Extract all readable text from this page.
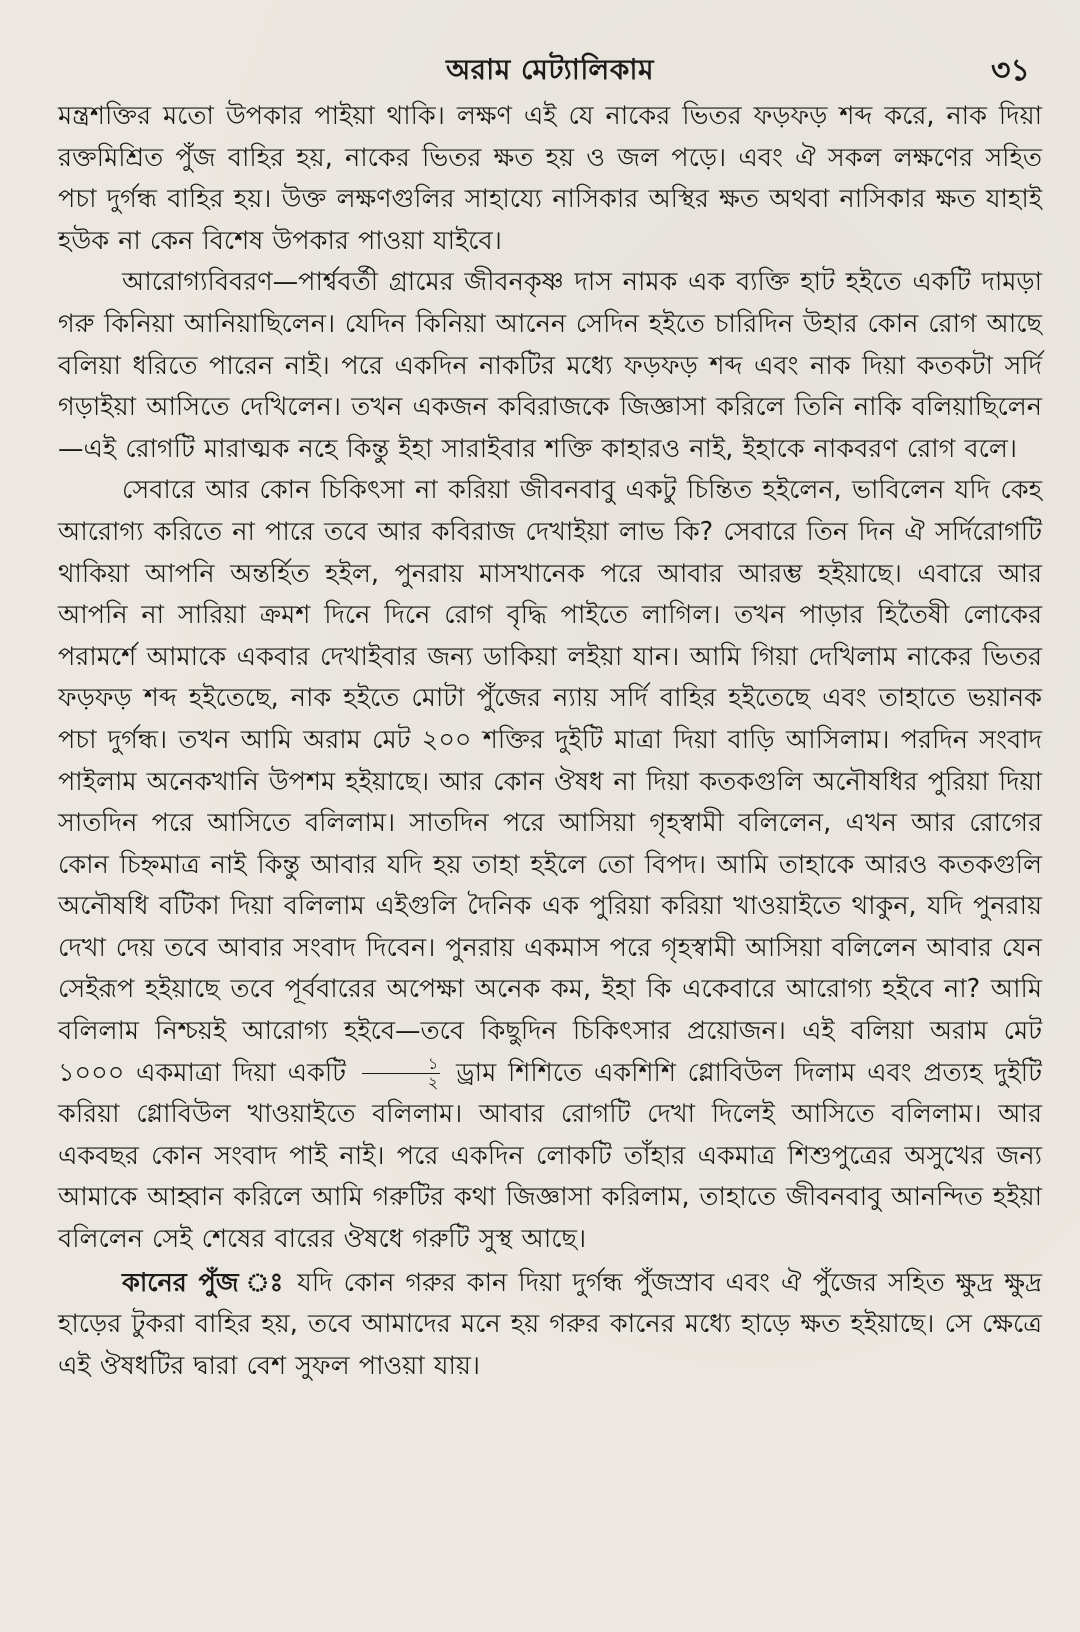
অরাম মেট্যালিকাম	৩১

মন্ত্রশক্তির মতো উপকার পাইয়া থাকি। লক্ষণ এই যে নাকের ভিতর ফড়ফড় শব্দ করে, নাক দিয়া রক্তমিশ্রিত পুঁজ বাহির হয়, নাকের ভিতর ক্ষত হয় ও জল পড়ে। এবং ঐ সকল লক্ষণের সহিত পচা দুর্গন্ধ বাহির হয়। উক্ত লক্ষণগুলির সাহায্যে নাসিকার অস্থির ক্ষত অথবা নাসিকার ক্ষত যাহাই হউক না কেন বিশেষ উপকার পাওয়া যাইবে।

আরোগ্যবিবরণ—পার্শ্ববর্তী গ্রামের জীবনকৃষ্ণ দাস নামক এক ব্যক্তি হাট হইতে একটি দামড়া গরু কিনিয়া আনিয়াছিলেন। যেদিন কিনিয়া আনেন সেদিন হইতে চারিদিন উহার কোন রোগ আছে বলিয়া ধরিতে পারেন নাই। পরে একদিন নাকটির মধ্যে ফড়ফড় শব্দ এবং নাক দিয়া কতকটা সর্দি গড়াইয়া আসিতে দেখিলেন। তখন একজন কবিরাজকে জিজ্ঞাসা করিলে তিনি নাকি বলিয়াছিলেন—এই রোগটি মারাত্মক নহে কিন্তু ইহা সারাইবার শক্তি কাহারও নাই, ইহাকে নাকবরণ রোগ বলে।

সেবারে আর কোন চিকিৎসা না করিয়া জীবনবাবু একটু চিন্তিত হইলেন, ভাবিলেন যদি কেহ আরোগ্য করিতে না পারে তবে আর কবিরাজ দেখাইয়া লাভ কি? সেবারে তিন দিন ঐ সর্দিরোগটি থাকিয়া আপনি অন্তর্হিত হইল, পুনরায় মাসখানেক পরে আবার আরম্ভ হইয়াছে। এবারে আর আপনি না সারিয়া ক্রমশ দিনে দিনে রোগ বৃদ্ধি পাইতে লাগিল। তখন পাড়ার হিতৈষী লোকের পরামর্শে আমাকে একবার দেখাইবার জন্য ডাকিয়া লইয়া যান। আমি গিয়া দেখিলাম নাকের ভিতর ফড়ফড় শব্দ হইতেছে, নাক হইতে মোটা পুঁজের ন্যায় সর্দি বাহির হইতেছে এবং তাহাতে ভয়ানক পচা দুর্গন্ধ। তখন আমি অরাম মেট ২০০ শক্তির দুইটি মাত্রা দিয়া বাড়ি আসিলাম। পরদিন সংবাদ পাইলাম অনেকখানি উপশম হইয়াছে। আর কোন ঔষধ না দিয়া কতকগুলি অনৌষধির পুরিয়া দিয়া সাতদিন পরে আসিতে বলিলাম। সাতদিন পরে আসিয়া গৃহস্বামী বলিলেন, এখন আর রোগের কোন চিহ্নমাত্র নাই কিন্তু আবার যদি হয় তাহা হইলে তো বিপদ। আমি তাহাকে আরও কতকগুলি অনৌষধি বটিকা দিয়া বলিলাম এইগুলি দৈনিক এক পুরিয়া করিয়া খাওয়াইতে থাকুন, যদি পুনরায় দেখা দেয় তবে আবার সংবাদ দিবেন। পুনরায় একমাস পরে গৃহস্বামী আসিয়া বলিলেন আবার যেন সেইরূপ হইয়াছে তবে পূর্ববারের অপেক্ষা অনেক কম, ইহা কি একেবারে আরোগ্য হইবে না? আমি বলিলাম নিশ্চয়ই আরোগ্য হইবে—তবে কিছুদিন চিকিৎসার প্রয়োজন। এই বলিয়া অরাম মেট ১০০০ একমাত্রা দিয়া একটি $\frac{১}{২}$ ড্রাম শিশিতে একশিশি গ্লোবিউল দিলাম এবং প্রত্যহ দুইটি করিয়া গ্লোবিউল খাওয়াইতে বলিলাম। আবার রোগটি দেখা দিলেই আসিতে বলিলাম। আর একবছর কোন সংবাদ পাই নাই। পরে একদিন লোকটি তাঁহার একমাত্র শিশুপুত্রের অসুখের জন্য আমাকে আহ্বান করিলে আমি গরুটির কথা জিজ্ঞাসা করিলাম, তাহাতে জীবনবাবু আনন্দিত হইয়া বলিলেন সেই শেষের বারের ঔষধে গরুটি সুস্থ আছে।

কানের পুঁজ ঃ যদি কোন গরুর কান দিয়া দুর্গন্ধ পুঁজস্রাব এবং ঐ পুঁজের সহিত ক্ষুদ্র ক্ষুদ্র হাড়ের টুকরা বাহির হয়, তবে আমাদের মনে হয় গরুর কানের মধ্যে হাড়ে ক্ষত হইয়াছে। সে ক্ষেত্রে এই ঔষধটির দ্বারা বেশ সুফল পাওয়া যায়।
